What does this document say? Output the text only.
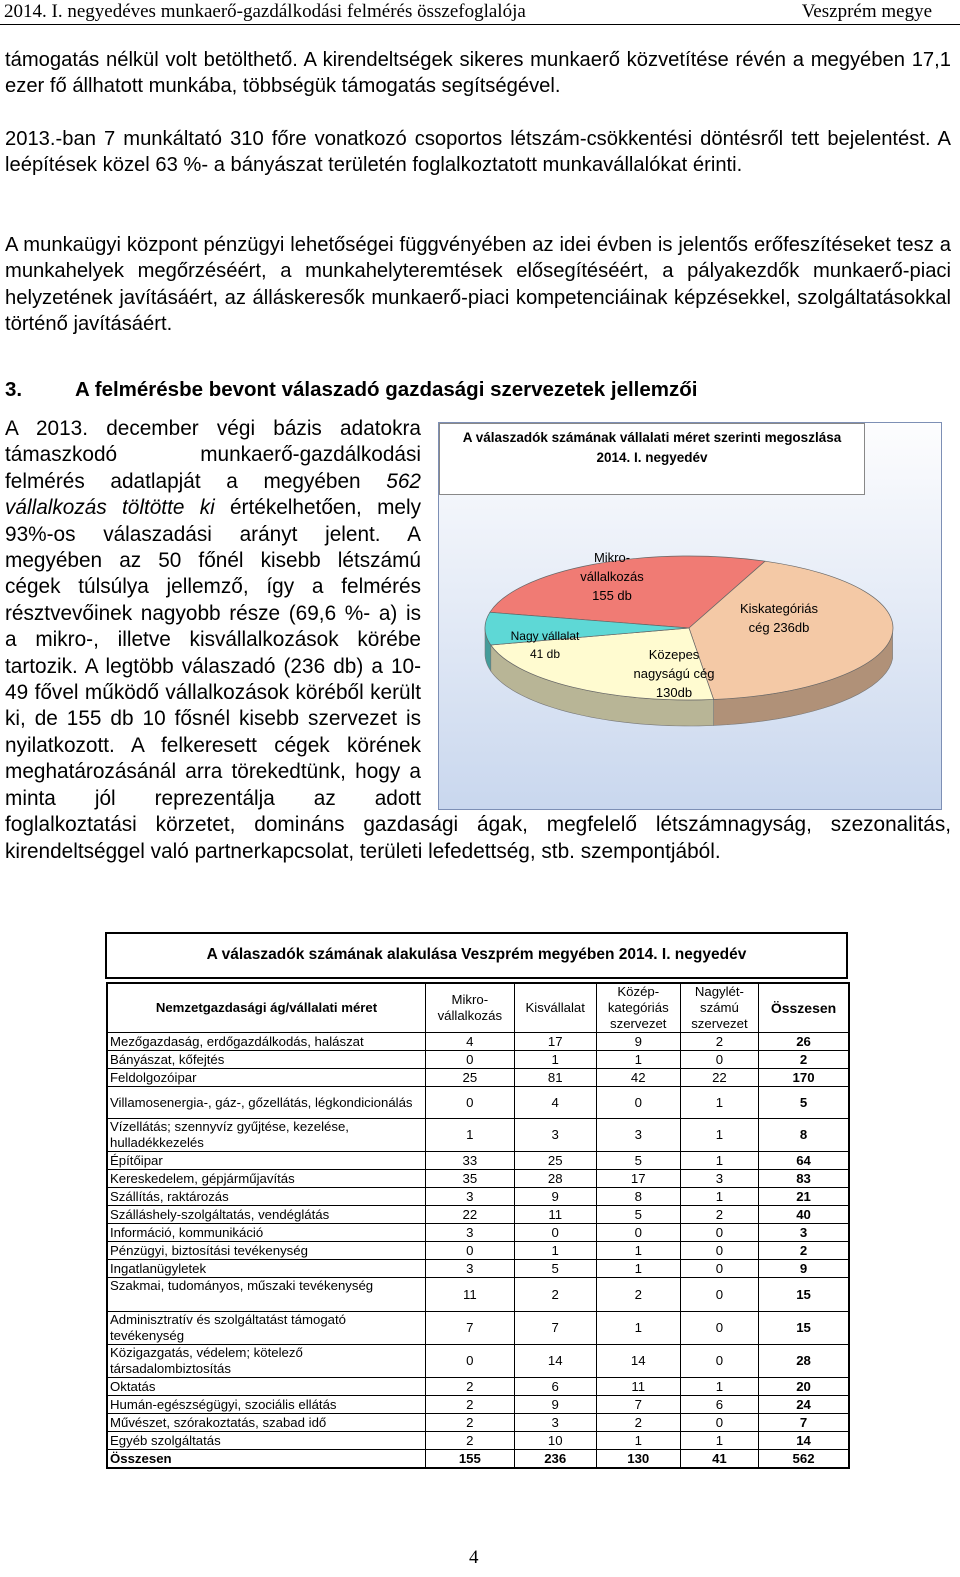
2014. I. negyedéves munkaerő-gazdálkodási felmérés összefoglalója	Veszprém megye

támogatás nélkül volt betölthető. A kirendeltségek sikeres munkaerő közvetítése révén a megyében 17,1 ezer fő állhatott munkába, többségük támogatás segítségével.

2013.-ban 7 munkáltató 310 főre vonatkozó csoportos létszám-csökkentési döntésről tett bejelentést. A leépítések közel 63 %- a bányászat területén foglalkoztatott munkavállalókat érinti.

A munkaügyi központ pénzügyi lehetőségei függvényében az idei évben is jelentős erőfeszítéseket tesz a munkahelyek megőrzéséért, a munkahelyteremtések elősegítéséért, a pályakezdők munkaerő-piaci helyzetének javításáért, az álláskeresők munkaerő-piaci kompetenciáinak képzésekkel, szolgáltatásokkal történő javításáért.

3.	A felmérésbe bevont válaszadó gazdasági szervezetek jellemzői

A 2013. december végi bázis adatokra támaszkodó munkaerő-gazdálkodási felmérés adatlapját a megyében 562 vállalkozás töltötte ki értékelhetően, mely 93%-os válaszadási arányt jelent. A megyében az 50 főnél kisebb létszámú cégek túlsúlya jellemző, így a felmérés résztvevőinek nagyobb része (69,6 %- a) is a mikro-, illetve kisvállalkozások körébe tartozik. A legtöbb válaszadó (236 db) a 10-49 fővel működő vállalkozások köréből került ki, de 155 db 10 fősnél kisebb szervezet is nyilatkozott. A felkeresett cégek körének meghatározásánál arra törekedtünk, hogy a minta jól reprezentálja az adott foglalkoztatási körzetet, domináns gazdasági ágak, megfelelő létszámnagyság, szezonalitás, kirendeltséggel való partnerkapcsolat, területi lefedettség, stb. szempontjából.

A válaszadók számának vállalati méret szerinti megoszlása
2014. I. negyedév
Mikro-
vállalkozás
155 db
Kiskategóriás
cég 236db
Közepes
nagyságú cég
130db
Nagy vállalat
41 db
A válaszadók számának alakulása Veszprém megyében 2014. I. negyedév
Nemzetgazdasági ág/vállalati méret	Mikro-
vállalkozás	Kisvállalat	Közép-
kategóriás
szervezet	Nagylét-
számú
szervezet	Összesen
Mezőgazdaság, erdőgazdálkodás, halászat	4	17	9	2	26
Bányászat, kőfejtés	0	1	1	0	2
Feldolgozóipar	25	81	42	22	170
Villamosenergia-, gáz-, gőzellátás, légkondicionálás	0	4	0	1	5
Vízellátás; szennyvíz gyűjtése, kezelése, hulladékkezelés	1	3	3	1	8
Építőipar	33	25	5	1	64
Kereskedelem, gépjárműjavítás	35	28	17	3	83
Szállítás, raktározás	3	9	8	1	21
Szálláshely-szolgáltatás, vendéglátás	22	11	5	2	40
Információ, kommunikáció	3	0	0	0	3
Pénzügyi, biztosítási tevékenység	0	1	1	0	2
Ingatlanügyletek	3	5	1	0	9
Szakmai, tudományos, műszaki tevékenység	11	2	2	0	15
Adminisztratív és szolgáltatást támogató tevékenység	7	7	1	0	15
Közigazgatás, védelem; kötelező társadalombiztosítás	0	14	14	0	28
Oktatás	2	6	11	1	20
Humán-egészségügyi, szociális ellátás	2	9	7	6	24
Művészet, szórakoztatás, szabad idő	2	3	2	0	7
Egyéb szolgáltatás	2	10	1	1	14
Összesen	155	236	130	41	562
4
